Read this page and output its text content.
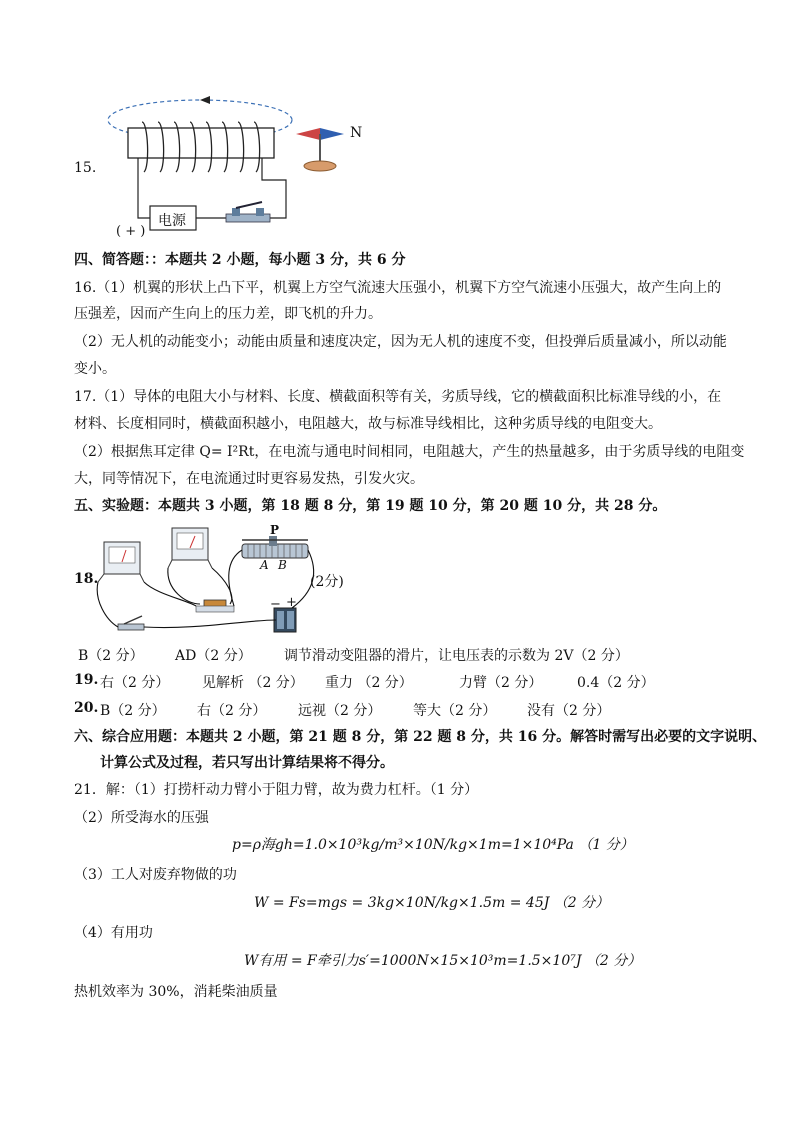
15.
电源
( + )
N
四、简答题：：本题共 2 小题，每小题 3 分，共 6 分
16.（1）机翼的形状上凸下平，机翼上方空气流速大压强小，机翼下方空气流速小压强大，故产生向上的
压强差，因而产生向上的压力差，即飞机的升力。
（2）无人机的动能变小；动能由质量和速度决定，因为无人机的速度不变，但投弹后质量减小，所以动能
变小。
17.（1）导体的电阻大小与材料、长度、横截面积等有关，劣质导线，它的横截面积比标准导线的小，在
材料、长度相同时，横截面积越小，电阻越大，故与标准导线相比，这种劣质导线的电阻变大。
（2）根据焦耳定律 Q= I²Rt，在电流与通电时间相同，电阻越大，产生的热量越多，由于劣质导线的电阻变
大，同等情况下，在电流通过时更容易发热，引发火灾。
五、实验题：本题共 3 小题，第 18 题 8 分，第 19 题 10 分，第 20 题 10 分，共 28 分。
18.
P
A B
− +
(2分)
B（2 分） AD（2 分） 调节滑动变阻器的滑片，让电压表的示数为 2V（2 分）
19. 右（2 分） 见解析 （2 分） 重力 （2 分）	力臂（2 分） 0.4（2 分）
20. B（2 分） 右（2 分） 远视（2 分） 等大（2 分） 没有（2 分）
六、综合应用题：本题共 2 小题，第 21 题 8 分，第 22 题 8 分，共 16 分。解答时需写出必要的文字说明、
计算公式及过程，若只写出计算结果将不得分。
21．解：（1）打捞杆动力臂小于阻力臂，故为费力杠杆。（1 分）
（2）所受海水的压强
p=ρ海gh=1.0×10³kg/m³×10N/kg×1m=1×10⁴Pa （1 分）
（3）工人对废弃物做的功
W = Fs=mgs = 3kg×10N/kg×1.5m = 45J （2 分）
（4）有用功
W有用 = F牵引力s′=1000N×15×10³m=1.5×10⁷J （2 分）
热机效率为 30%，消耗柴油质量
